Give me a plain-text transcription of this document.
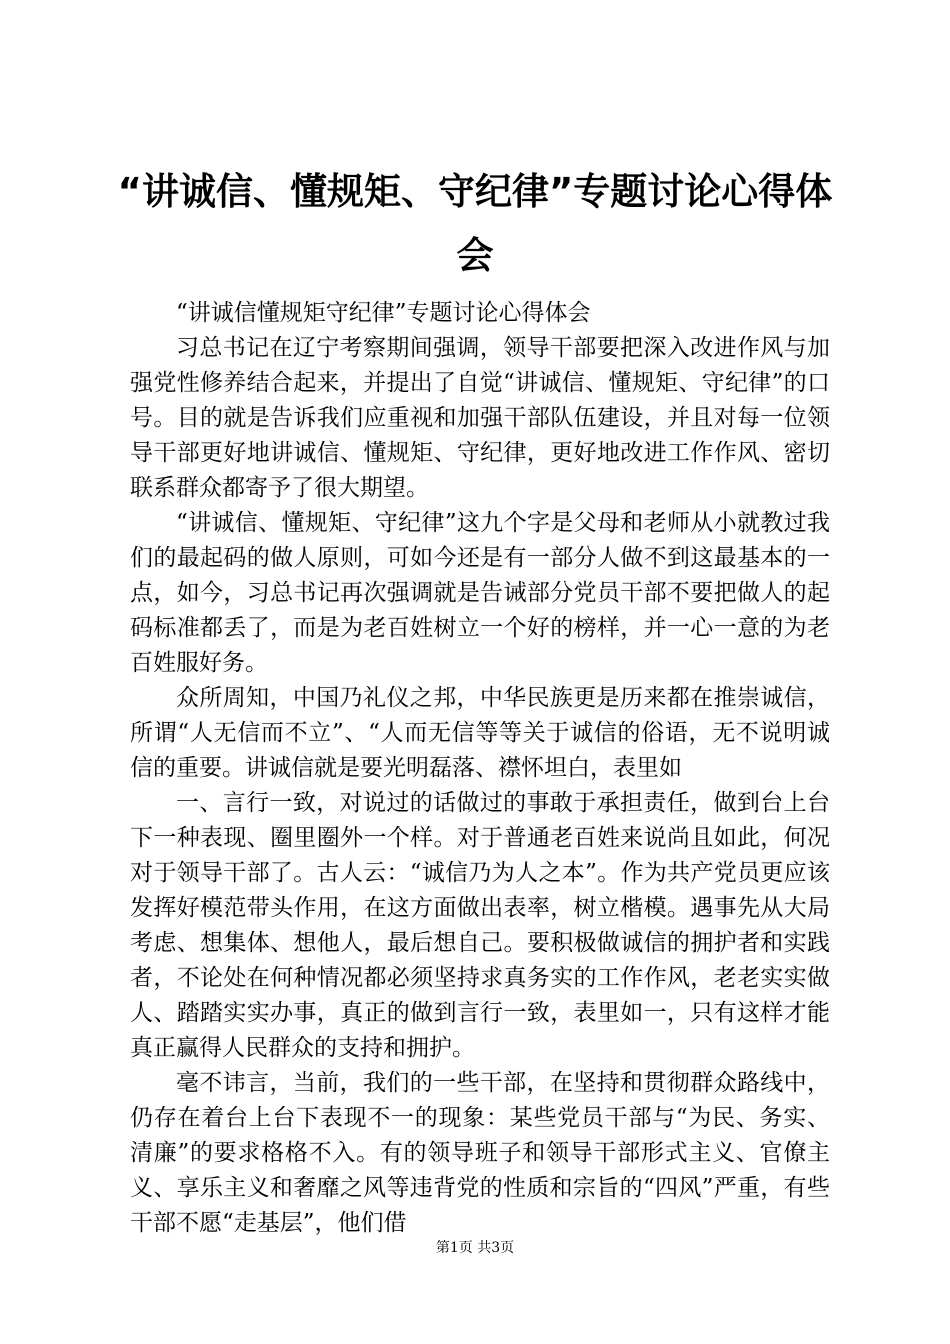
“讲诚信、懂规矩、守纪律”专题讨论心得体会

“讲诚信懂规矩守纪律”专题讨论心得体会

习总书记在辽宁考察期间强调，领导干部要把深入改进作风与加强党性修养结合起来，并提出了自觉“讲诚信、懂规矩、守纪律”的口号。目的就是告诉我们应重视和加强干部队伍建设，并且对每一位领导干部更好地讲诚信、懂规矩、守纪律，更好地改进工作作风、密切联系群众都寄予了很大期望。

“讲诚信、懂规矩、守纪律”这九个字是父母和老师从小就教过我们的最起码的做人原则，可如今还是有一部分人做不到这最基本的一点，如今，习总书记再次强调就是告诫部分党员干部不要把做人的起码标准都丢了，而是为老百姓树立一个好的榜样，并一心一意的为老百姓服好务。

众所周知，中国乃礼仪之邦，中华民族更是历来都在推崇诚信，所谓“人无信而不立”、“人而无信等等关于诚信的俗语，无不说明诚信的重要。讲诚信就是要光明磊落、襟怀坦白，表里如

一、言行一致，对说过的话做过的事敢于承担责任，做到台上台下一种表现、圈里圈外一个样。对于普通老百姓来说尚且如此，何况对于领导干部了。古人云：“诚信乃为人之本”。作为共产党员更应该发挥好模范带头作用，在这方面做出表率，树立楷模。遇事先从大局考虑、想集体、想他人，最后想自己。要积极做诚信的拥护者和实践者，不论处在何种情况都必须坚持求真务实的工作作风，老老实实做人、踏踏实实办事，真正的做到言行一致，表里如一，只有这样才能真正赢得人民群众的支持和拥护。

毫不讳言，当前，我们的一些干部，在坚持和贯彻群众路线中，仍存在着台上台下表现不一的现象：某些党员干部与“为民、务实、清廉”的要求格格不入。有的领导班子和领导干部形式主义、官僚主义、享乐主义和奢靡之风等违背党的性质和宗旨的“四风”严重，有些干部不愿“走基层”，他们借

第1页 共3页
